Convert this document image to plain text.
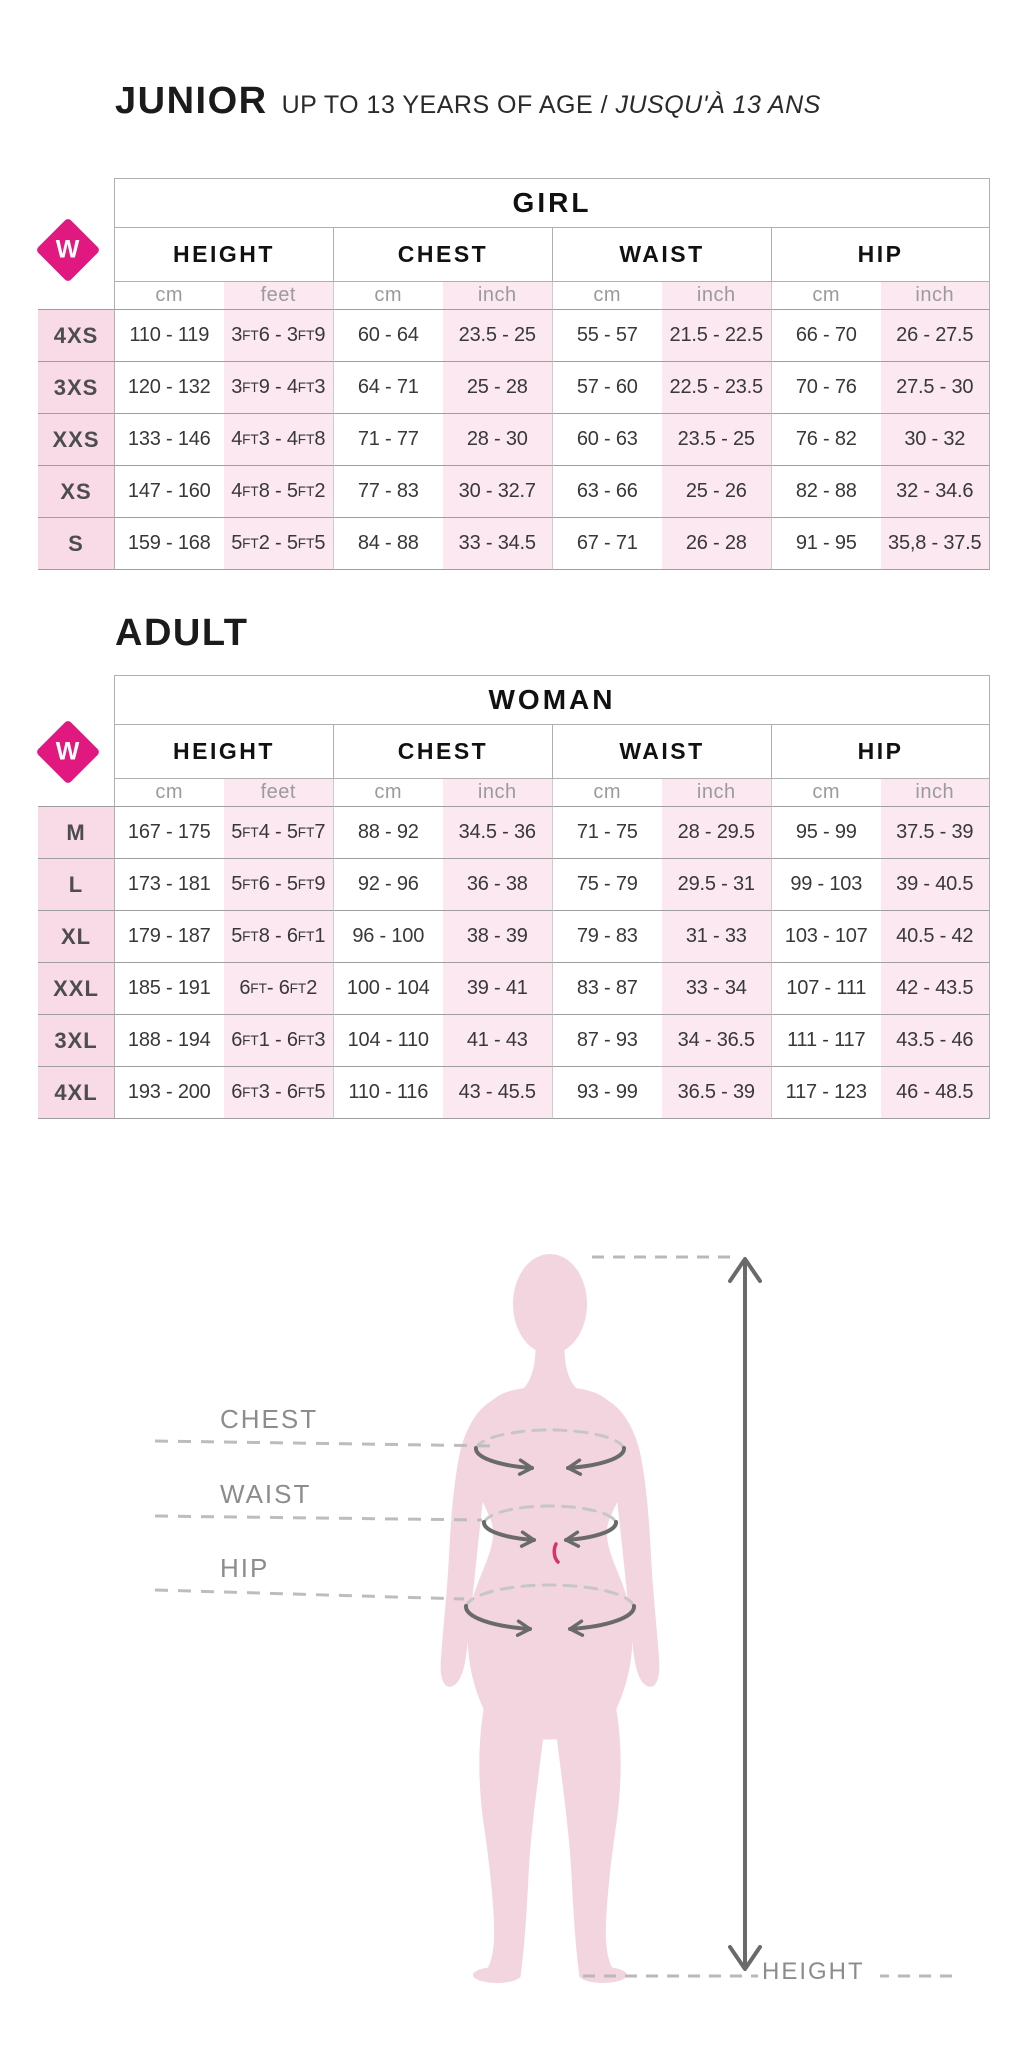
JUNIOR UP TO 13 YEARS OF AGE / JUSQU'À 13 ANS
GIRL
HEIGHT	CHEST	WAIST	HIP
cm	feet	cm	inch	cm	inch	cm	inch
4XS	110 - 119	3 FT 6 - 3 FT 9	60 - 64	23.5 - 25	55 - 57	21.5 - 22.5	66 - 70	26 - 27.5
3XS	120 - 132	3 FT 9 - 4 FT 3	64 - 71	25 - 28	57 - 60	22.5 - 23.5	70 - 76	27.5 - 30
XXS	133 - 146	4 FT 3 - 4 FT 8	71 - 77	28 - 30	60 - 63	23.5 - 25	76 - 82	30 - 32
XS	147 - 160	4 FT 8 - 5 FT 2	77 - 83	30 - 32.7	63 - 66	25 - 26	82 - 88	32 - 34.6
S	159 - 168	5 FT 2 - 5 FT 5	84 - 88	33 - 34.5	67 - 71	26 - 28	91 - 95	35,8 - 37.5
W
ADULT
WOMAN
HEIGHT	CHEST	WAIST	HIP
cm	feet	cm	inch	cm	inch	cm	inch
M	167 - 175	5 FT 4 - 5 FT 7	88 - 92	34.5 - 36	71 - 75	28 - 29.5	95 - 99	37.5 - 39
L	173 - 181	5 FT 6 - 5 FT 9	92 - 96	36 - 38	75 - 79	29.5 - 31	99 - 103	39 - 40.5
XL	179 - 187	5 FT 8 - 6 FT 1	96 - 100	38 - 39	79 - 83	31 - 33	103 - 107	40.5 - 42
XXL	185 - 191	6 FT - 6 FT 2	100 - 104	39 - 41	83 - 87	33 - 34	107 - 111	42 - 43.5
3XL	188 - 194	6 FT 1 - 6 FT 3	104 - 110	41 - 43	87 - 93	34 - 36.5	111 - 117	43.5 - 46
4XL	193 - 200	6 FT 3 - 6 FT 5	110 - 116	43 - 45.5	93 - 99	36.5 - 39	117 - 123	46 - 48.5
W
CHEST
WAIST
HIP
HEIGHT
